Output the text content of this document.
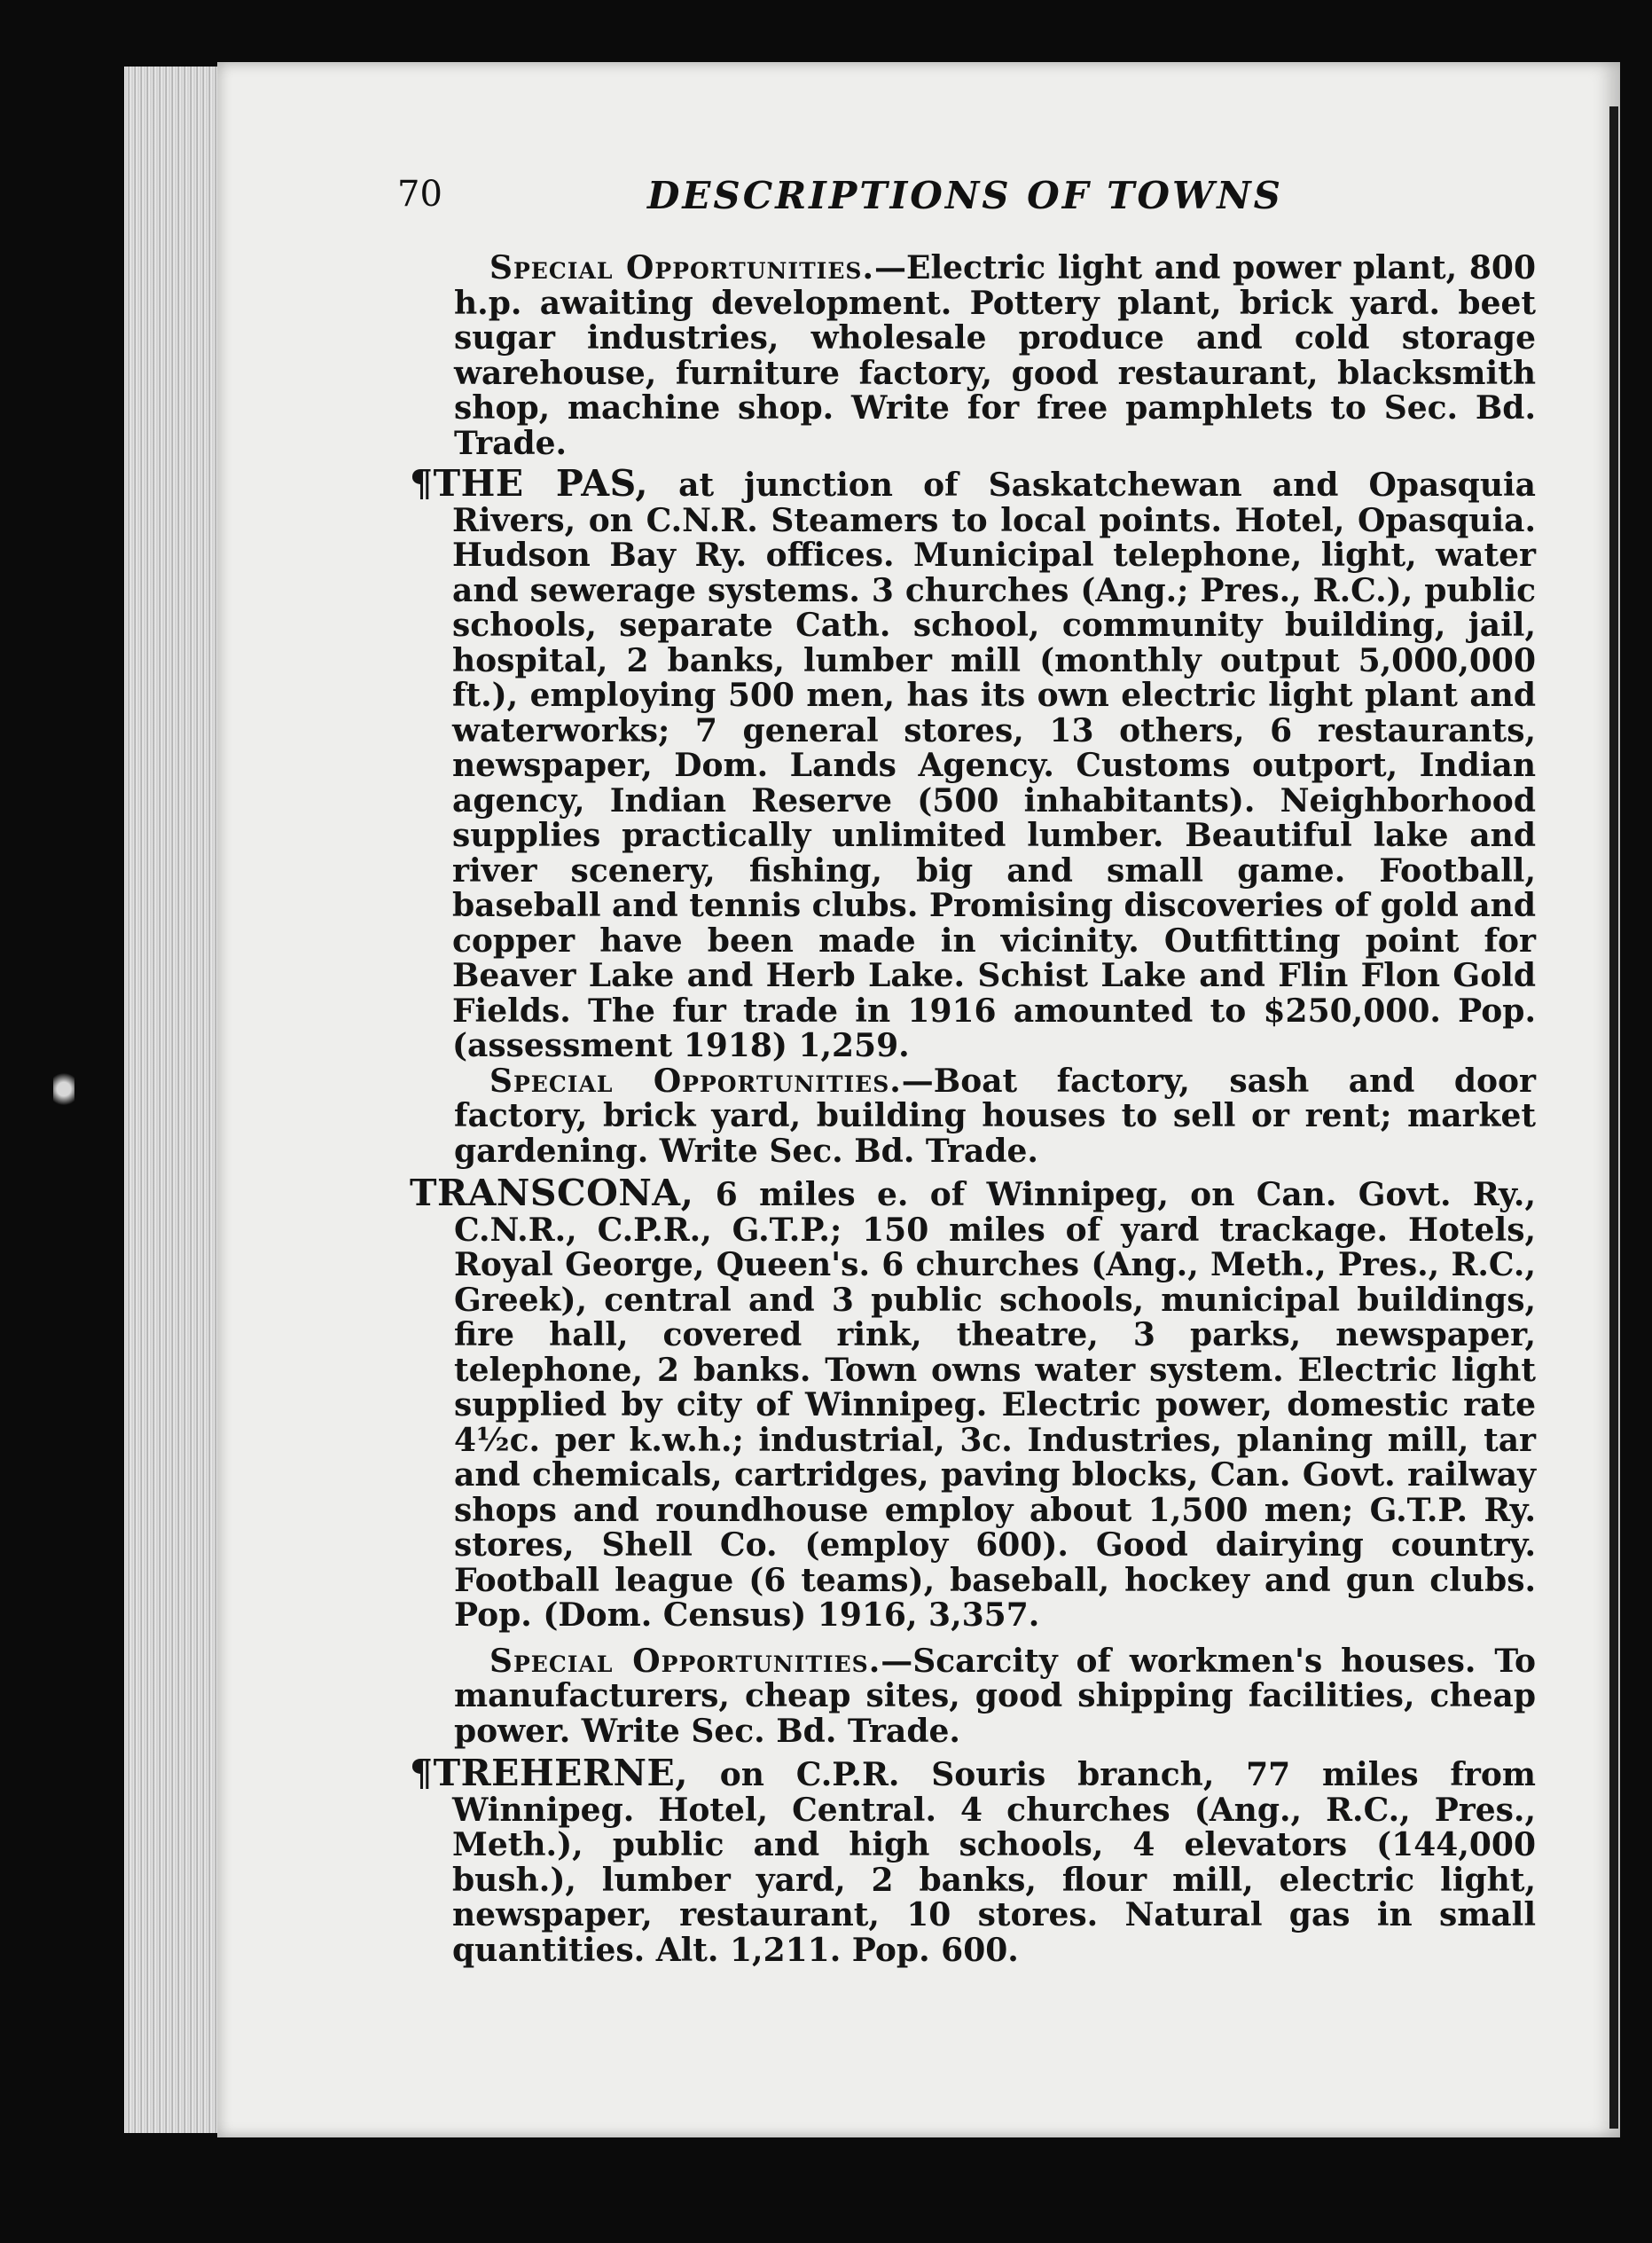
70	DESCRIPTIONS OF TOWNS

Special Opportunities.—Electric light and power plant, 800 h.p. awaiting development. Pottery plant, brick yard. beet sugar industries, wholesale produce and cold storage warehouse, furniture factory, good restaurant, blacksmith shop, machine shop. Write for free pamphlets to Sec. Bd. Trade.

¶THE PAS, at junction of Saskatchewan and Opasquia Rivers, on C.N.R. Steamers to local points. Hotel, Opasquia. Hudson Bay Ry. offices. Municipal telephone, light, water and sewerage systems. 3 churches (Ang.; Pres., R.C.), public schools, separate Cath. school, community building, jail, hospital, 2 banks, lumber mill (monthly output 5,000,000 ft.), employing 500 men, has its own electric light plant and waterworks; 7 general stores, 13 others, 6 restaurants, newspaper, Dom. Lands Agency. Customs outport, Indian agency, Indian Reserve (500 inhabitants). Neighborhood supplies practically unlimited lumber. Beautiful lake and river scenery, fishing, big and small game. Football, baseball and tennis clubs. Promising discoveries of gold and copper have been made in vicinity. Outfitting point for Beaver Lake and Herb Lake. Schist Lake and Flin Flon Gold Fields. The fur trade in 1916 amounted to $250,000. Pop. (assessment 1918) 1,259.

Special Opportunities.—Boat factory, sash and door factory, brick yard, building houses to sell or rent; market gardening. Write Sec. Bd. Trade.

TRANSCONA, 6 miles e. of Winnipeg, on Can. Govt. Ry., C.N.R., C.P.R., G.T.P.; 150 miles of yard trackage. Hotels, Royal George, Queen's. 6 churches (Ang., Meth., Pres., R.C., Greek), central and 3 public schools, municipal buildings, fire hall, covered rink, theatre, 3 parks, newspaper, telephone, 2 banks. Town owns water system. Electric light supplied by city of Winnipeg. Electric power, domestic rate 4½c. per k.w.h.; industrial, 3c. Industries, planing mill, tar and chemicals, cartridges, paving blocks, Can. Govt. railway shops and roundhouse employ about 1,500 men; G.T.P. Ry. stores, Shell Co. (employ 600). Good dairying country. Football league (6 teams), baseball, hockey and gun clubs. Pop. (Dom. Census) 1916, 3,357.

Special Opportunities.—Scarcity of workmen's houses. To manufacturers, cheap sites, good shipping facilities, cheap power. Write Sec. Bd. Trade.

¶TREHERNE, on C.P.R. Souris branch, 77 miles from Winnipeg. Hotel, Central. 4 churches (Ang., R.C., Pres., Meth.), public and high schools, 4 elevators (144,000 bush.), lumber yard, 2 banks, flour mill, electric light, newspaper, restaurant, 10 stores. Natural gas in small quantities. Alt. 1,211. Pop. 600.
